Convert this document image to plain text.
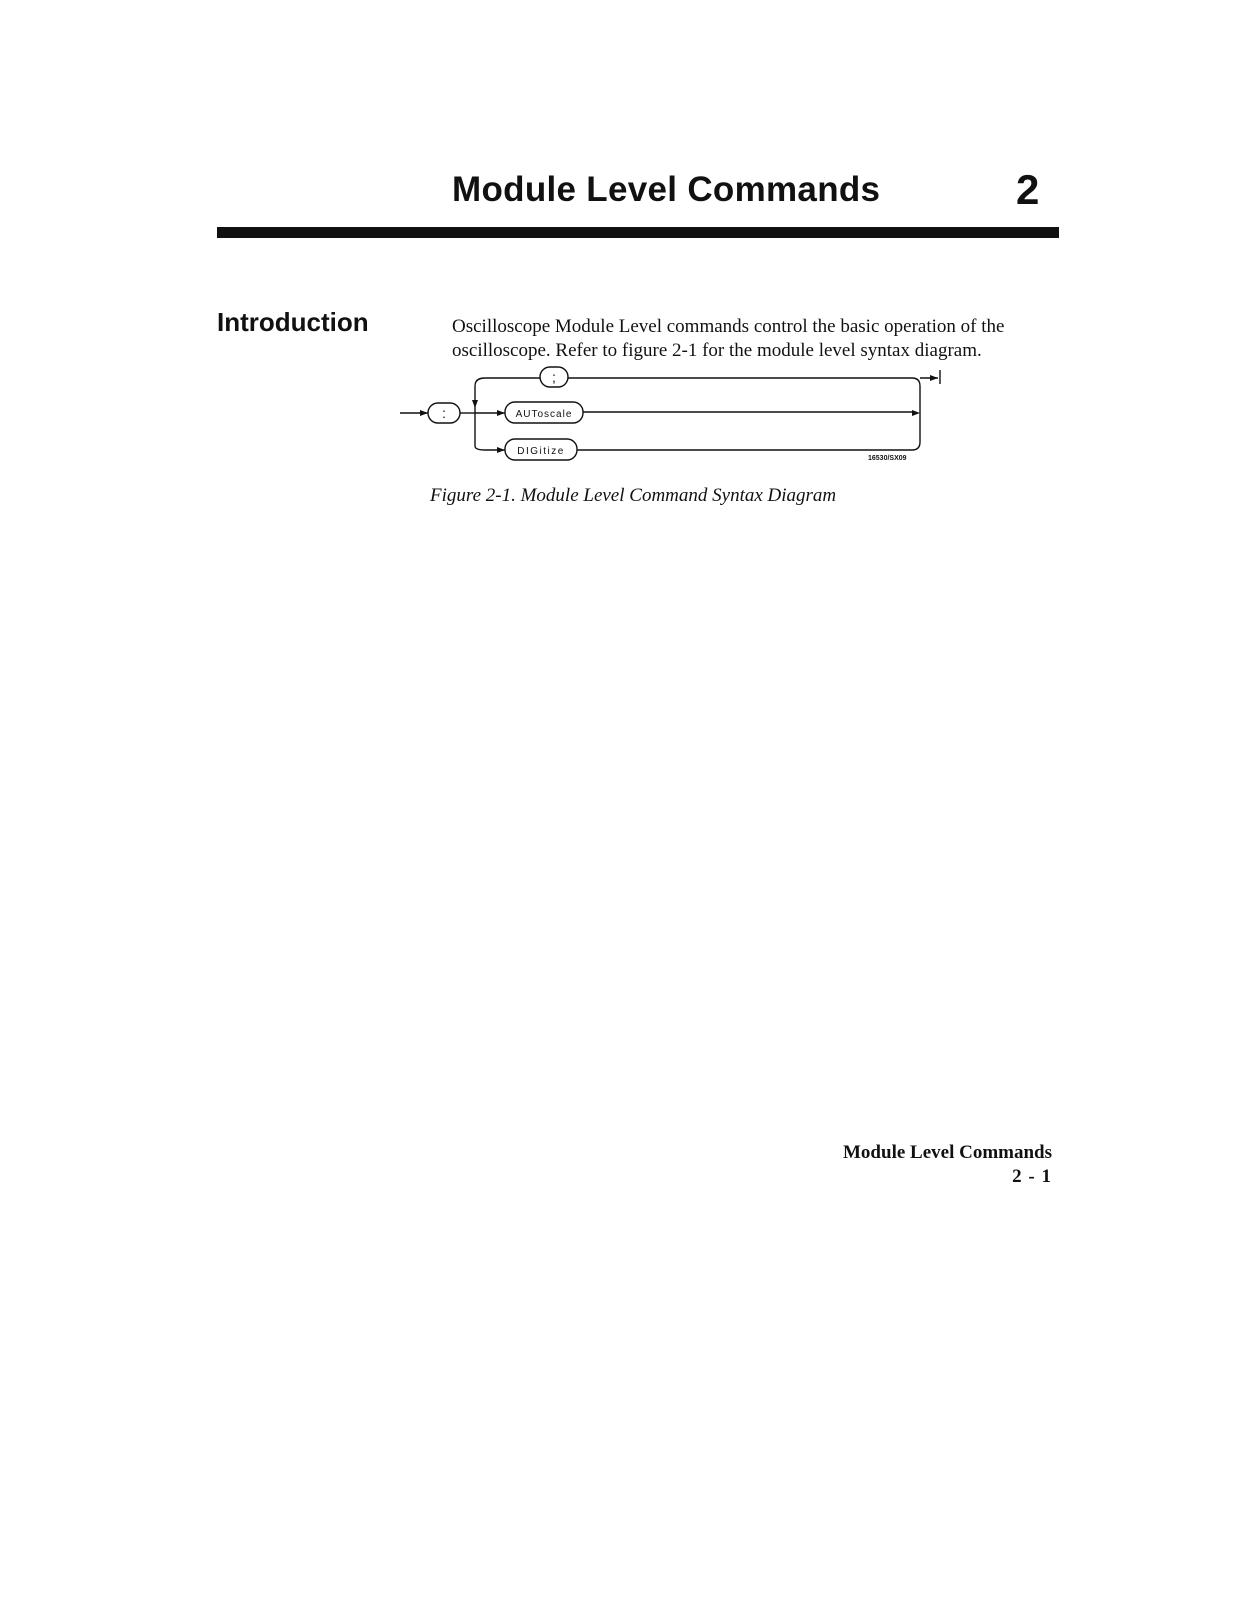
Module Level Commands	2
Introduction	Oscilloscope Module Level commands control the basic operation of the oscilloscope. Refer to figure 2-1 for the module level syntax diagram.

:
;
AUToscale
DIGitize
16530/SX09

Figure 2-1. Module Level Command Syntax Diagram

Module Level Commands
2 - 1
